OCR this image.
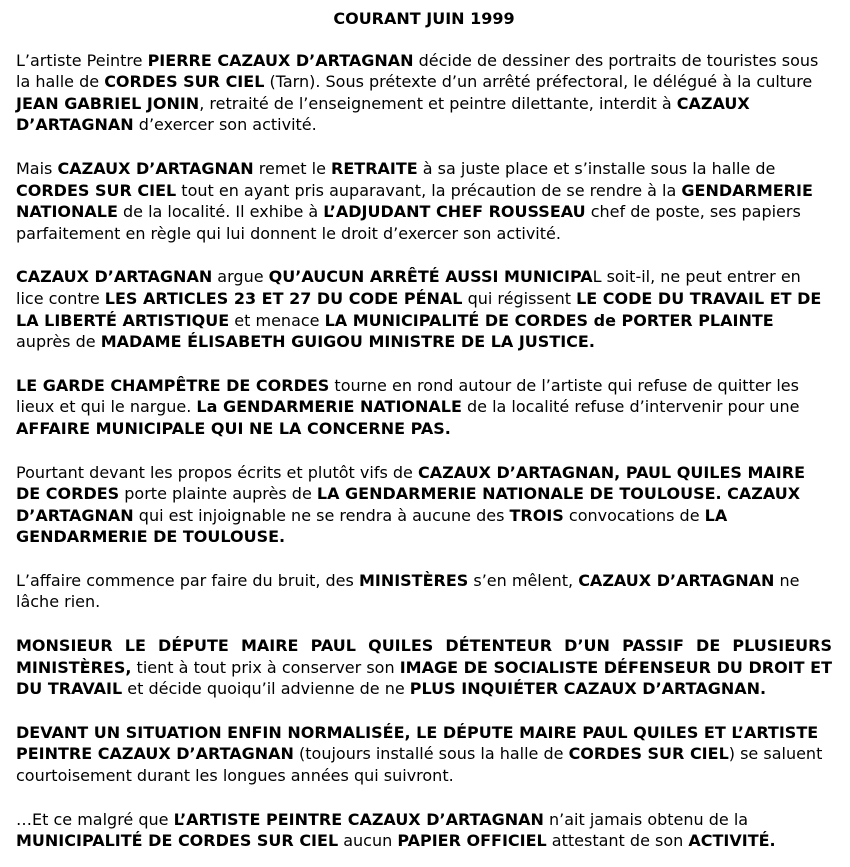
COURANT JUIN 1999

L’artiste Peintre PIERRE CAZAUX D’ARTAGNAN décide de dessiner des portraits de touristes sous la halle de CORDES SUR CIEL (Tarn). Sous prétexte d’un arrêté préfectoral, le délégué à la culture JEAN GABRIEL JONIN, retraité de l’enseignement et peintre dilettante, interdit à CAZAUX D’ARTAGNAN d’exercer son activité.

Mais CAZAUX D’ARTAGNAN remet le RETRAITE à sa juste place et s’installe sous la halle de CORDES SUR CIEL tout en ayant pris auparavant, la précaution de se rendre à la GENDARMERIE NATIONALE de la localité. Il exhibe à L’ADJUDANT CHEF ROUSSEAU chef de poste, ses papiers parfaitement en règle qui lui donnent le droit d’exercer son activité.

CAZAUX D’ARTAGNAN argue QU’AUCUN ARRÊTÉ AUSSI MUNICIPAL soit-il, ne peut entrer en lice contre LES ARTICLES 23 ET 27 DU CODE PÉNAL qui régissent LE CODE DU TRAVAIL ET DE LA LIBERTÉ ARTISTIQUE et menace LA MUNICIPALITÉ DE CORDES de PORTER PLAINTE auprès de MADAME ÉLISABETH GUIGOU MINISTRE DE LA JUSTICE.

LE GARDE CHAMPÊTRE DE CORDES tourne en rond autour de l’artiste qui refuse de quitter les lieux et qui le nargue. La GENDARMERIE NATIONALE de la localité refuse d’intervenir pour une AFFAIRE MUNICIPALE QUI NE LA CONCERNE PAS.

Pourtant devant les propos écrits et plutôt vifs de CAZAUX D’ARTAGNAN, PAUL QUILES MAIRE DE CORDES porte plainte auprès de LA GENDARMERIE NATIONALE DE TOULOUSE. CAZAUX D’ARTAGNAN qui est injoignable ne se rendra à aucune des TROIS convocations de LA GENDARMERIE DE TOULOUSE.

L’affaire commence par faire du bruit, des MINISTÈRES s’en mêlent, CAZAUX D’ARTAGNAN ne lâche rien.

MONSIEUR LE DÉPUTE MAIRE PAUL QUILES DÉTENTEUR D’UN PASSIF DE PLUSIEURS MINISTÈRES, tient à tout prix à conserver son IMAGE DE SOCIALISTE DÉFENSEUR DU DROIT ET DU TRAVAIL et décide quoiqu’il advienne de ne PLUS INQUIÉTER CAZAUX D’ARTAGNAN.

DEVANT UN SITUATION ENFIN NORMALISÉE, LE DÉPUTE MAIRE PAUL QUILES ET L’ARTISTE PEINTRE CAZAUX D’ARTAGNAN (toujours installé sous la halle de CORDES SUR CIEL) se saluent courtoisement durant les longues années qui suivront.

…Et ce malgré que L’ARTISTE PEINTRE CAZAUX D’ARTAGNAN n’ait jamais obtenu de la MUNICIPALITÉ DE CORDES SUR CIEL aucun PAPIER OFFICIEL attestant de son ACTIVITÉ.
